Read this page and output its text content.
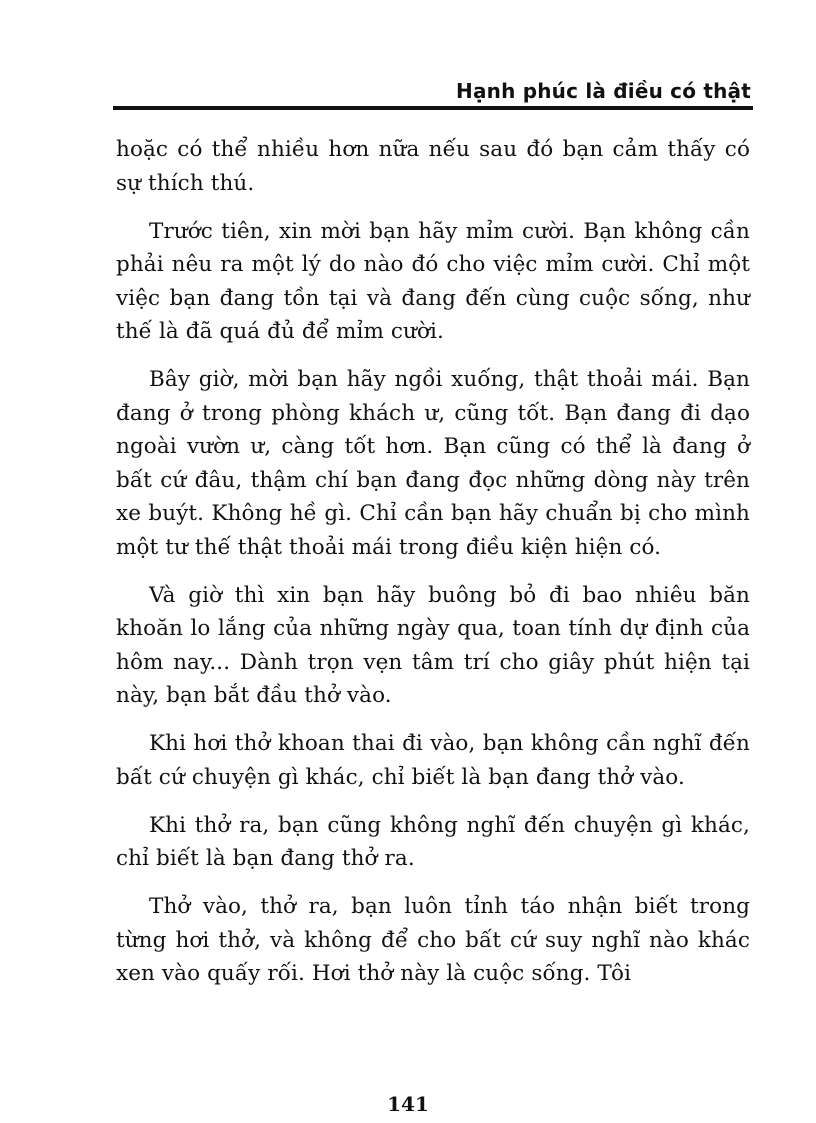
Hạnh phúc là điều có thật

hoặc có thể nhiều hơn nữa nếu sau đó bạn cảm thấy có sự thích thú.

Trước tiên, xin mời bạn hãy mỉm cười. Bạn không cần phải nêu ra một lý do nào đó cho việc mỉm cười. Chỉ một việc bạn đang tồn tại và đang đến cùng cuộc sống, như thế là đã quá đủ để mỉm cười.

Bây giờ, mời bạn hãy ngồi xuống, thật thoải mái. Bạn đang ở trong phòng khách ư, cũng tốt. Bạn đang đi dạo ngoài vườn ư, càng tốt hơn. Bạn cũng có thể là đang ở bất cứ đâu, thậm chí bạn đang đọc những dòng này trên xe buýt. Không hề gì. Chỉ cần bạn hãy chuẩn bị cho mình một tư thế thật thoải mái trong điều kiện hiện có.

Và giờ thì xin bạn hãy buông bỏ đi bao nhiêu băn khoăn lo lắng của những ngày qua, toan tính dự định của hôm nay... Dành trọn vẹn tâm trí cho giây phút hiện tại này, bạn bắt đầu thở vào.

Khi hơi thở khoan thai đi vào, bạn không cần nghĩ đến bất cứ chuyện gì khác, chỉ biết là bạn đang thở vào.

Khi thở ra, bạn cũng không nghĩ đến chuyện gì khác, chỉ biết là bạn đang thở ra.

Thở vào, thở ra, bạn luôn tỉnh táo nhận biết trong từng hơi thở, và không để cho bất cứ suy nghĩ nào khác xen vào quấy rối. Hơi thở này là cuộc sống. Tôi

141
